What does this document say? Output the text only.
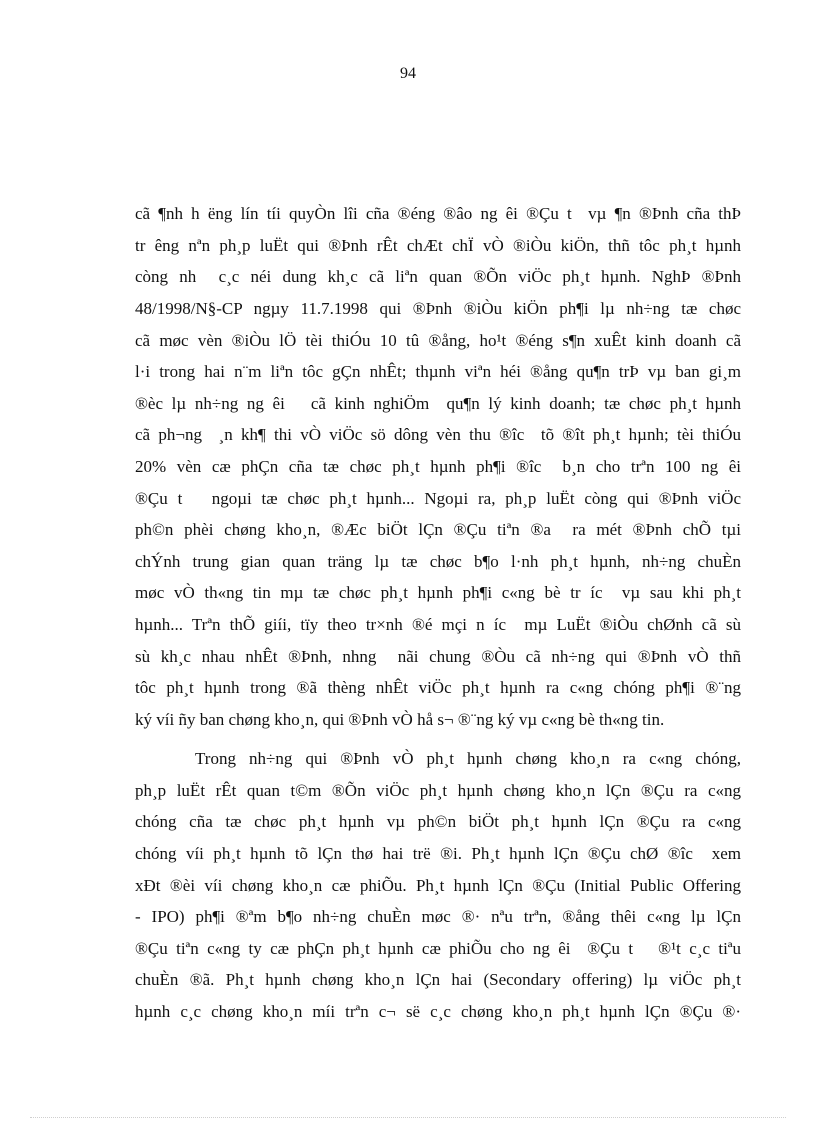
94

cã ¶nh h ëng lín tíi quyÒn lîi cña ®éng ®âo ng êi ®Çu t  vµ ¶n ®Þnh cña thÞ
tr êng nªn ph¸p luËt qui ®Þnh rÊt chÆt chÏ vÒ ®iÒu kiÖn, thñ tôc ph¸t hµnh
còng nh  c¸c néi dung kh¸c cã liªn quan ®Õn viÖc ph¸t hµnh. NghÞ ®Þnh
48/1998/N§-CP ngµy 11.7.1998 qui ®Þnh ®iÒu kiÖn ph¶i lµ nh÷ng tæ chøc
cã møc vèn ®iÒu lÖ tèi thiÓu 10 tû ®ång, ho¹t ®éng s¶n xuÊt kinh doanh cã
l·i trong hai n¨m liªn tôc gÇn nhÊt; thµnh viªn héi ®ång qu¶n trÞ vµ ban gi¸m
®èc lµ nh÷ng ng êi   cã kinh nghiÖm  qu¶n lý kinh doanh; tæ chøc ph¸t hµnh
cã ph¬ng  ¸n kh¶ thi vÒ viÖc sö dông vèn thu ®îc  tõ ®ît ph¸t hµnh; tèi thiÓu
20% vèn cæ phÇn cña tæ chøc ph¸t hµnh ph¶i ®îc  b¸n cho trªn 100 ng êi
®Çu t   ngoµi tæ chøc ph¸t hµnh... Ngoµi ra, ph¸p luËt còng qui ®Þnh viÖc
ph©n phèi chøng kho¸n, ®Æc biÖt lÇn ®Çu tiªn ®a  ra mét ®Þnh chÕ tµi
chÝnh trung gian quan träng lµ tæ chøc b¶o l·nh ph¸t hµnh, nh÷ng chuÈn
møc vÒ th«ng tin mµ tæ chøc ph¸t hµnh ph¶i c«ng bè tr íc  vµ sau khi ph¸t
hµnh... Trªn thÕ giíi, tïy theo tr×nh ®é mçi n íc  mµ LuËt ®iÒu chØnh cã sù
sù kh¸c nhau nhÊt ®Þnh, nhng  nãi chung ®Òu cã nh÷ng qui ®Þnh vÒ thñ
tôc ph¸t hµnh trong ®ã thèng nhÊt viÖc ph¸t hµnh ra c«ng chóng ph¶i ®¨ng
ký víi ñy ban chøng kho¸n, qui ®Þnh vÒ hå s¬ ®¨ng ký vµ c«ng bè th«ng tin.
Trong nh÷ng qui ®Þnh vÒ ph¸t hµnh chøng kho¸n ra c«ng chóng,
ph¸p luËt rÊt quan t©m ®Õn viÖc ph¸t hµnh chøng kho¸n lÇn ®Çu ra c«ng
chóng cña tæ chøc ph¸t hµnh vµ ph©n biÖt ph¸t hµnh lÇn ®Çu ra c«ng
chóng víi ph¸t hµnh tõ lÇn thø hai trë ®i. Ph¸t hµnh lÇn ®Çu chØ ®îc  xem
xÐt ®èi víi chøng kho¸n cæ phiÕu. Ph¸t hµnh lÇn ®Çu (Initial Public Offering
- IPO) ph¶i ®ªm b¶o nh÷ng chuÈn møc ®· nªu trªn, ®ång thêi c«ng lµ lÇn
®Çu tiªn c«ng ty cæ phÇn ph¸t hµnh cæ phiÕu cho ng êi  ®Çu t   ®¹t c¸c tiªu
chuÈn ®ã. Ph¸t hµnh chøng kho¸n lÇn hai (Secondary offering) lµ viÖc ph¸t
hµnh c¸c chøng kho¸n míi trªn c¬ së c¸c chøng kho¸n ph¸t hµnh lÇn ®Çu ®·
